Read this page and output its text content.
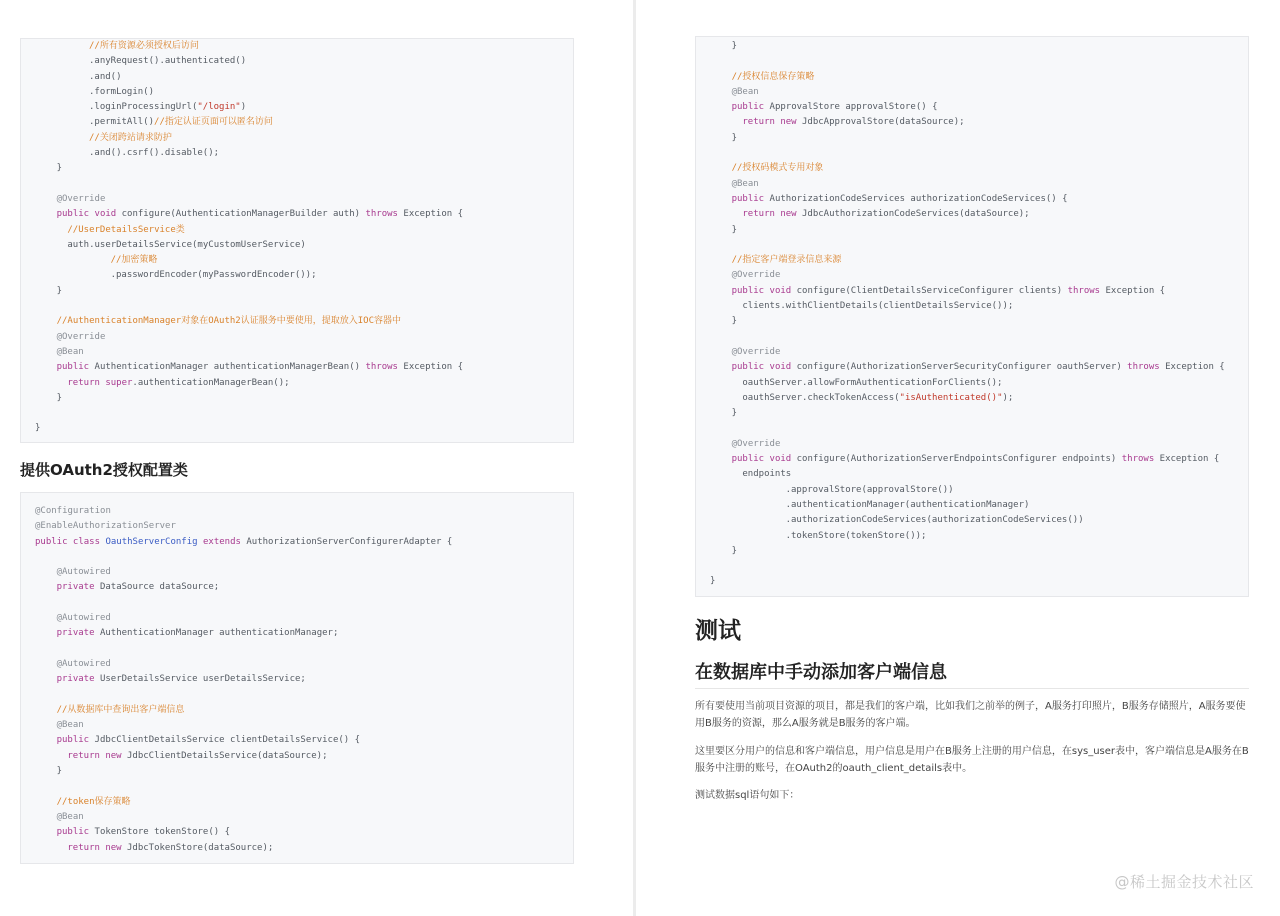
//所有资源必须授权后访问
.anyRequest().authenticated()
.and()
.formLogin()
.loginProcessingUrl("/login")
.permitAll()//指定认证页面可以匿名访问
//关闭跨站请求防护
.and().csrf().disable();
}
@Override
public void configure(AuthenticationManagerBuilder auth) throws Exception {
//UserDetailsService类
auth.userDetailsService(myCustomUserService)
//加密策略
.passwordEncoder(myPasswordEncoder());
}
//AuthenticationManager对象在OAuth2认证服务中要使用，提取放入IOC容器中
@Override
@Bean
public AuthenticationManager authenticationManagerBean() throws Exception {
return super.authenticationManagerBean();
}
}
提供OAuth2授权配置类
@Configuration
@EnableAuthorizationServer
public class OauthServerConfig extends AuthorizationServerConfigurerAdapter {
@Autowired
private DataSource dataSource;
@Autowired
private AuthenticationManager authenticationManager;
@Autowired
private UserDetailsService userDetailsService;
//从数据库中查询出客户端信息
@Bean
public JdbcClientDetailsService clientDetailsService() {
return new JdbcClientDetailsService(dataSource);
}
//token保存策略
@Bean
public TokenStore tokenStore() {
return new JdbcTokenStore(dataSource);
}
//授权信息保存策略
@Bean
public ApprovalStore approvalStore() {
return new JdbcApprovalStore(dataSource);
}
//授权码模式专用对象
@Bean
public AuthorizationCodeServices authorizationCodeServices() {
return new JdbcAuthorizationCodeServices(dataSource);
}
//指定客户端登录信息来源
@Override
public void configure(ClientDetailsServiceConfigurer clients) throws Exception {
clients.withClientDetails(clientDetailsService());
}
@Override
public void configure(AuthorizationServerSecurityConfigurer oauthServer) throws Exception {
oauthServer.allowFormAuthenticationForClients();
oauthServer.checkTokenAccess("isAuthenticated()");
}
@Override
public void configure(AuthorizationServerEndpointsConfigurer endpoints) throws Exception {
endpoints
.approvalStore(approvalStore())
.authenticationManager(authenticationManager)
.authorizationCodeServices(authorizationCodeServices())
.tokenStore(tokenStore());
}
}
测试
在数据库中手动添加客户端信息
所有要使用当前项目资源的项目，都是我们的客户端，比如我们之前举的例子，A服务打印照片，B服务存储照片，A服务要使用B服务的资源，那么A服务就是B服务的客户端。
这里要区分用户的信息和客户端信息，用户信息是用户在B服务上注册的用户信息，在sys_user表中，客户端信息是A服务在B服务中注册的账号，在OAuth2的oauth_client_details表中。
测试数据sql语句如下：
@稀土掘金技术社区
